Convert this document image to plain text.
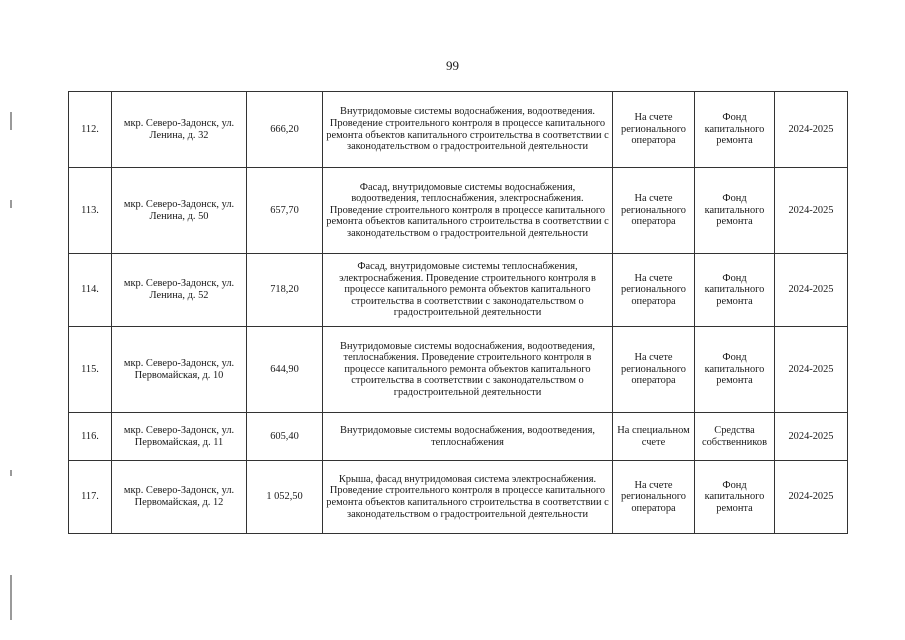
99
112.	мкр. Северо-Задонск, ул. Ленина, д. 32	666,20	Внутридомовые системы водоснабжения, водоотведения. Проведение строительного контроля в процессе капитального ремонта объектов капитального строительства в соответствии с законодательством о градостроительной деятельности	На счете регионального оператора	Фонд капитального ремонта	2024-2025
113.	мкр. Северо-Задонск, ул. Ленина, д. 50	657,70	Фасад, внутридомовые системы водоснабжения, водоотведения, теплоснабжения, электроснабжения. Проведение строительного контроля в процессе капитального ремонта объектов капитального строительства в соответствии с законодательством о градостроительной деятельности	На счете регионального оператора	Фонд капитального ремонта	2024-2025
114.	мкр. Северо-Задонск, ул. Ленина, д. 52	718,20	Фасад, внутридомовые системы теплоснабжения, электроснабжения. Проведение строительного контроля в процессе капитального ремонта объектов капитального строительства в соответствии с законодательством о градостроительной деятельности	На счете регионального оператора	Фонд капитального ремонта	2024-2025
115.	мкр. Северо-Задонск, ул. Первомайская, д. 10	644,90	Внутридомовые системы водоснабжения, водоотведения, теплоснабжения. Проведение строительного контроля в процессе капитального ремонта объектов капитального строительства в соответствии с законодательством о градостроительной деятельности	На счете регионального оператора	Фонд капитального ремонта	2024-2025
116.	мкр. Северо-Задонск, ул. Первомайская, д. 11	605,40	Внутридомовые системы водоснабжения, водоотведения, теплоснабжения	На специальном счете	Средства собственников	2024-2025
117.	мкр. Северо-Задонск, ул. Первомайская, д. 12	1 052,50	Крыша, фасад внутридомовая система электроснабжения. Проведение строительного контроля в процессе капитального ремонта объектов капитального строительства в соответствии с законодательством о градостроительной деятельности	На счете регионального оператора	Фонд капитального ремонта	2024-2025
